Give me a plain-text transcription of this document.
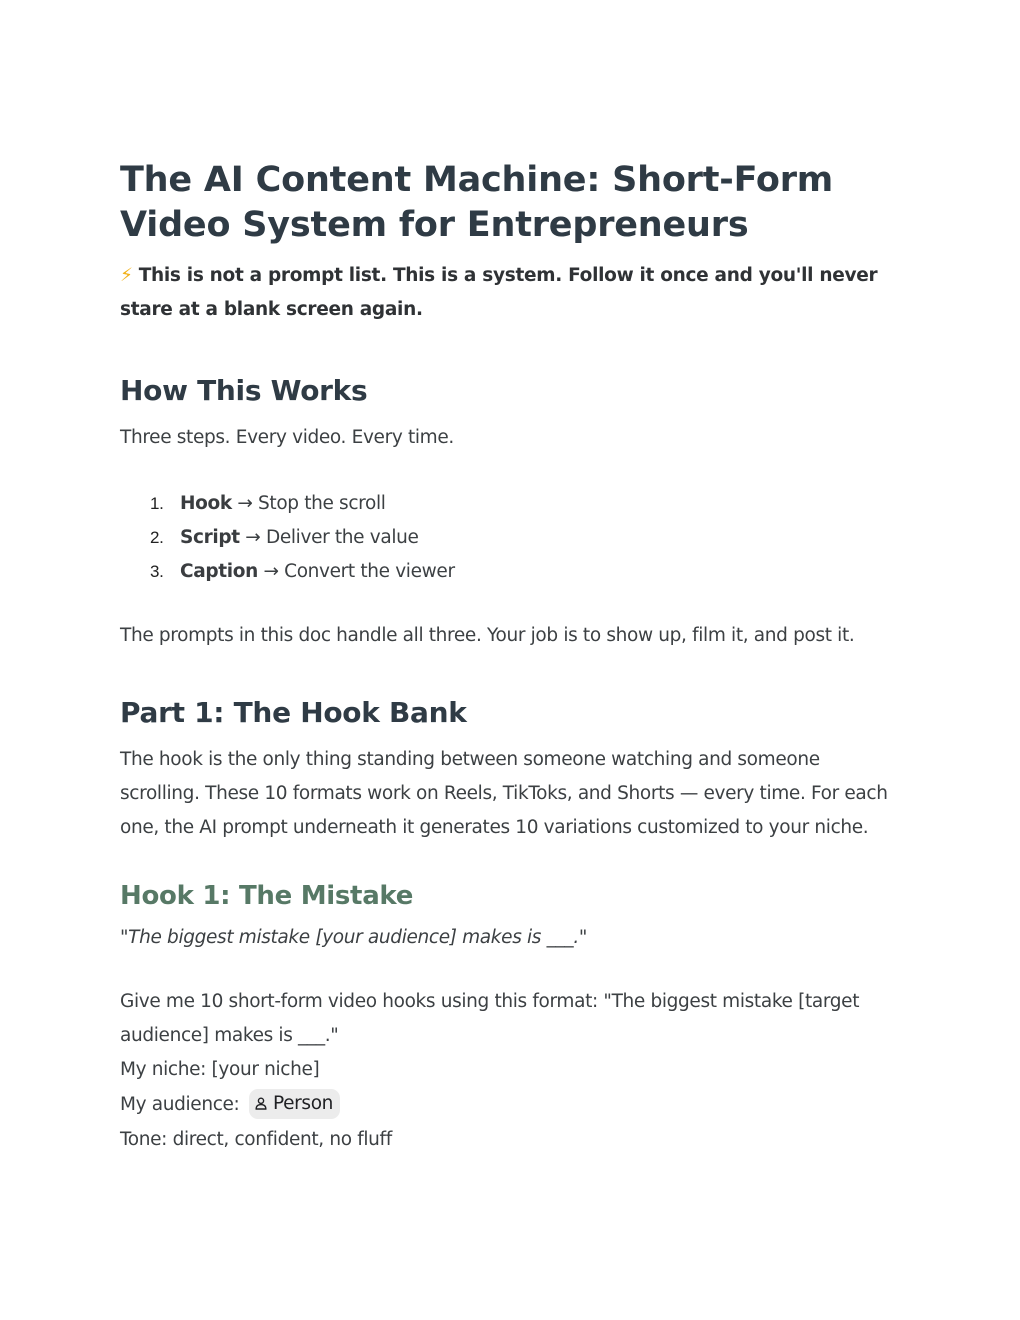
The AI Content Machine: Short-Form Video System for Entrepreneurs
⚡ This is not a prompt list. This is a system. Follow it once and you'll never stare at a blank screen again.
How This Works

Three steps. Every video. Every time.

1. Hook → Stop the scroll
2. Script → Deliver the value
3. Caption → Convert the viewer

The prompts in this doc handle all three. Your job is to show up, film it, and post it.

Part 1: The Hook Bank

The hook is the only thing standing between someone watching and someone scrolling. These 10 formats work on Reels, TikToks, and Shorts — every time. For each one, the AI prompt underneath it generates 10 variations customized to your niche.

Hook 1: The Mistake

"The biggest mistake [your audience] makes is ___."

Give me 10 short-form video hooks using this format: "The biggest mistake [target audience] makes is ___."

My niche: [your niche]

My audience: Person

Tone: direct, confident, no fluff
